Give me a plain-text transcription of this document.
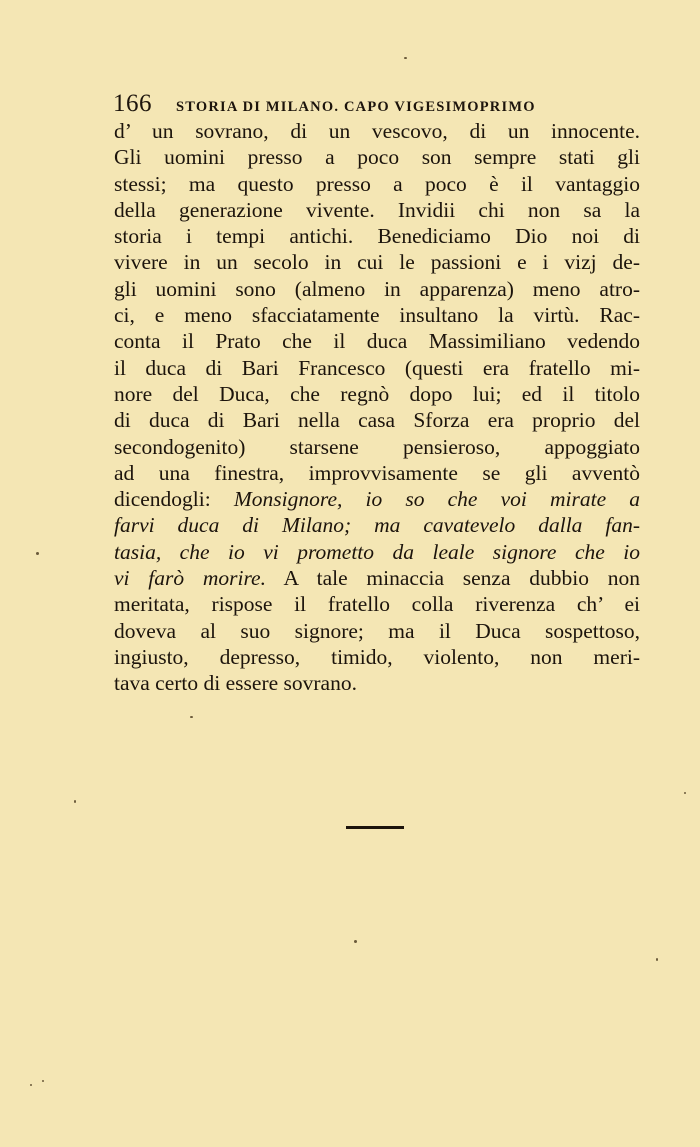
166 STORIA DI MILANO. CAPO VIGESIMOPRIMO
d’ un sovrano, di un vescovo, di un innocente.
Gli uomini presso a poco son sempre stati gli
stessi; ma questo presso a poco è il vantaggio
della generazione vivente. Invidii chi non sa la
storia i tempi antichi. Benediciamo Dio noi di
vivere in un secolo in cui le passioni e i vizj de-
gli uomini sono (almeno in apparenza) meno atro-
ci, e meno sfacciatamente insultano la virtù. Rac-
conta il Prato che il duca Massimiliano vedendo
il duca di Bari Francesco (questi era fratello mi-
nore del Duca, che regnò dopo lui; ed il titolo
di duca di Bari nella casa Sforza era proprio del
secondogenito) starsene pensieroso, appoggiato
ad una finestra, improvvisamente se gli avventò
dicendogli: Monsignore, io so che voi mirate a
farvi duca di Milano; ma cavatevelo dalla fan-
tasia, che io vi prometto da leale signore che io
vi farò morire. A tale minaccia senza dubbio non
meritata, rispose il fratello colla riverenza ch’ ei
doveva al suo signore; ma il Duca sospettoso,
ingiusto, depresso, timido, violento, non meri-
tava certo di essere sovrano.
